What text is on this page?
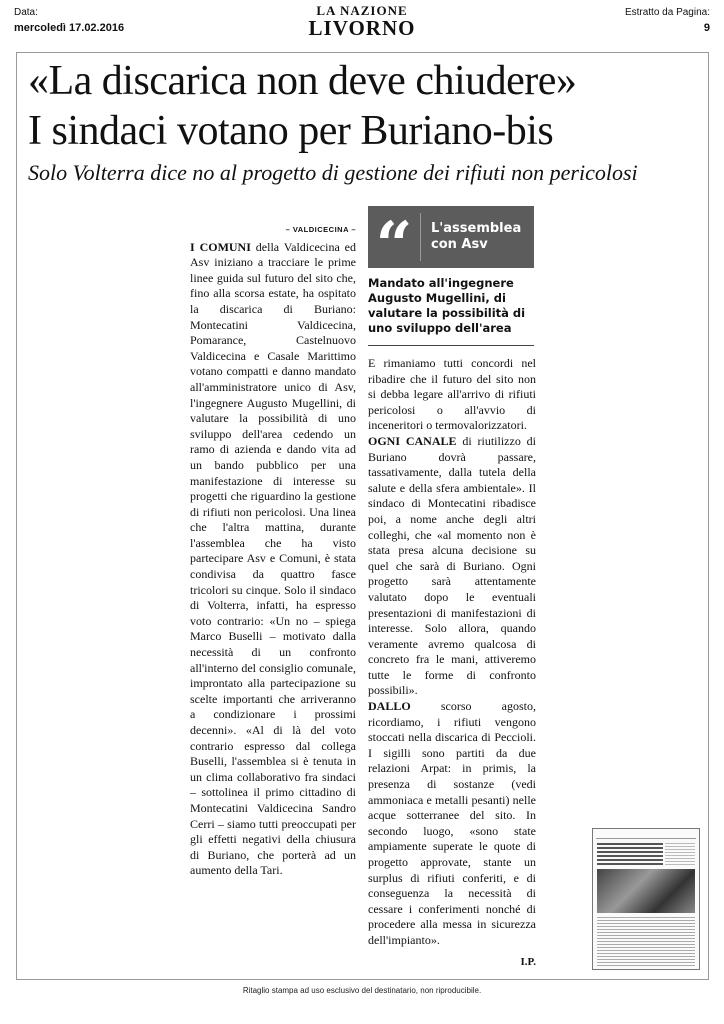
Data:
mercoledì 17.02.2016
LA NAZIONE
LIVORNO
Estratto da Pagina:
9
«La discarica non deve chiudere»
I sindaci votano per Buriano-bis
Solo Volterra dice no al progetto di gestione dei rifiuti non pericolosi
– VALDICECINA –
I COMUNI della Valdicecina ed Asv iniziano a tracciare le prime linee guida sul futuro del sito che, fino alla scorsa estate, ha ospitato la discarica di Buriano: Montecatini Valdicecina, Pomarance, Castelnuovo Valdicecina e Casale Marittimo votano compatti e danno mandato all'amministratore unico di Asv, l'ingegnere Augusto Mugellini, di valutare la possibilità di uno sviluppo dell'area cedendo un ramo di azienda e dando vita ad un bando pubblico per una manifestazione di interesse su progetti che riguardino la gestione di rifiuti non pericolosi. Una linea che l'altra mattina, durante l'assemblea che ha visto partecipare Asv e Comuni, è stata condivisa da quattro fasce tricolori su cinque. Solo il sindaco di Volterra, infatti, ha espresso voto contrario: «Un no – spiega Marco Buselli – motivato dalla necessità di un confronto all'interno del consiglio comunale, improntato alla partecipazione su scelte importanti che arriveranno a condizionare i prossimi decenni». «Al di là del voto contrario espresso dal collega Buselli, l'assemblea si è tenuta in un clima collaborativo fra sindaci – sottolinea il primo cittadino di Montecatini Valdicecina Sandro Cerri – siamo tutti preoccupati per gli effetti negativi della chiusura di Buriano, che porterà ad un aumento della Tari.
“	L'assemblea
con Asv
Mandato all'ingegnere Augusto Mugellini, di valutare la possibilità di uno sviluppo dell'area
E rimaniamo tutti concordi nel ribadire che il futuro del sito non si debba legare all'arrivo di rifiuti pericolosi o all'avvio di inceneritori o termovalorizzatori.
OGNI CANALE di riutilizzo di Buriano dovrà passare, tassativamente, dalla tutela della salute e della sfera ambientale». Il sindaco di Montecatini ribadisce poi, a nome anche degli altri colleghi, che «al momento non è stata presa alcuna decisione su quel che sarà di Buriano. Ogni progetto sarà attentamente valutato dopo le eventuali presentazioni di manifestazioni di interesse. Solo allora, quando veramente avremo qualcosa di concreto fra le mani, attiveremo tutte le forme di confronto possibili».
DALLO scorso agosto, ricordiamo, i rifiuti vengono stoccati nella discarica di Peccioli. I sigilli sono partiti da due relazioni Arpat: in primis, la presenza di sostanze (vedi ammoniaca e metalli pesanti) nelle acque sotterranee del sito. In secondo luogo, «sono state ampiamente superate le quote di progetto approvate, stante un surplus di rifiuti conferiti, e di conseguenza la necessità di cessare i conferimenti nonché di procedere alla messa in sicurezza dell'impianto».
I.P.
Ritaglio stampa ad uso esclusivo del destinatario, non riproducibile.
